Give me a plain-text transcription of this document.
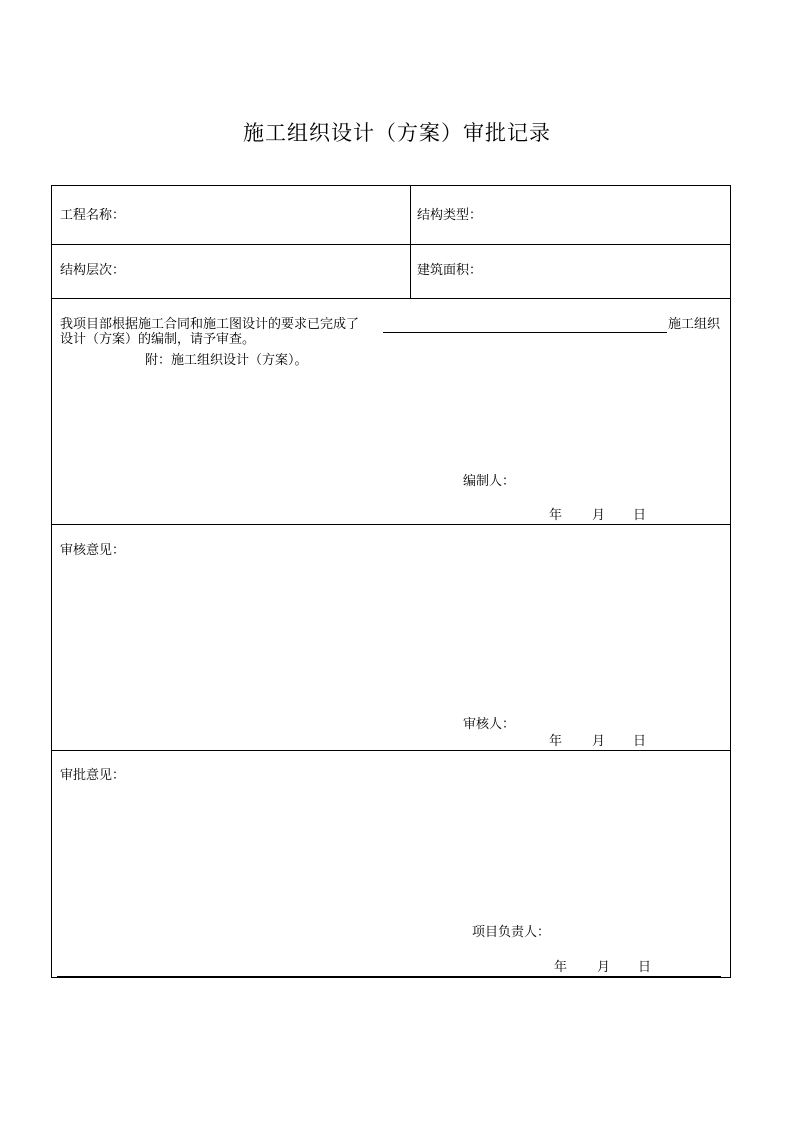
施工组织设计（方案）审批记录
工程名称：	结构类型：
结构层次：	建筑面积：
我项目部根据施工合同和施工图设计的要求已完成了	施工组织
设计（方案）的编制，请予审查。
附：施工组织设计（方案）。
编制人：
年 月 日
审核意见：
审核人：
年 月 日
审批意见：
项目负责人：
年 月 日
